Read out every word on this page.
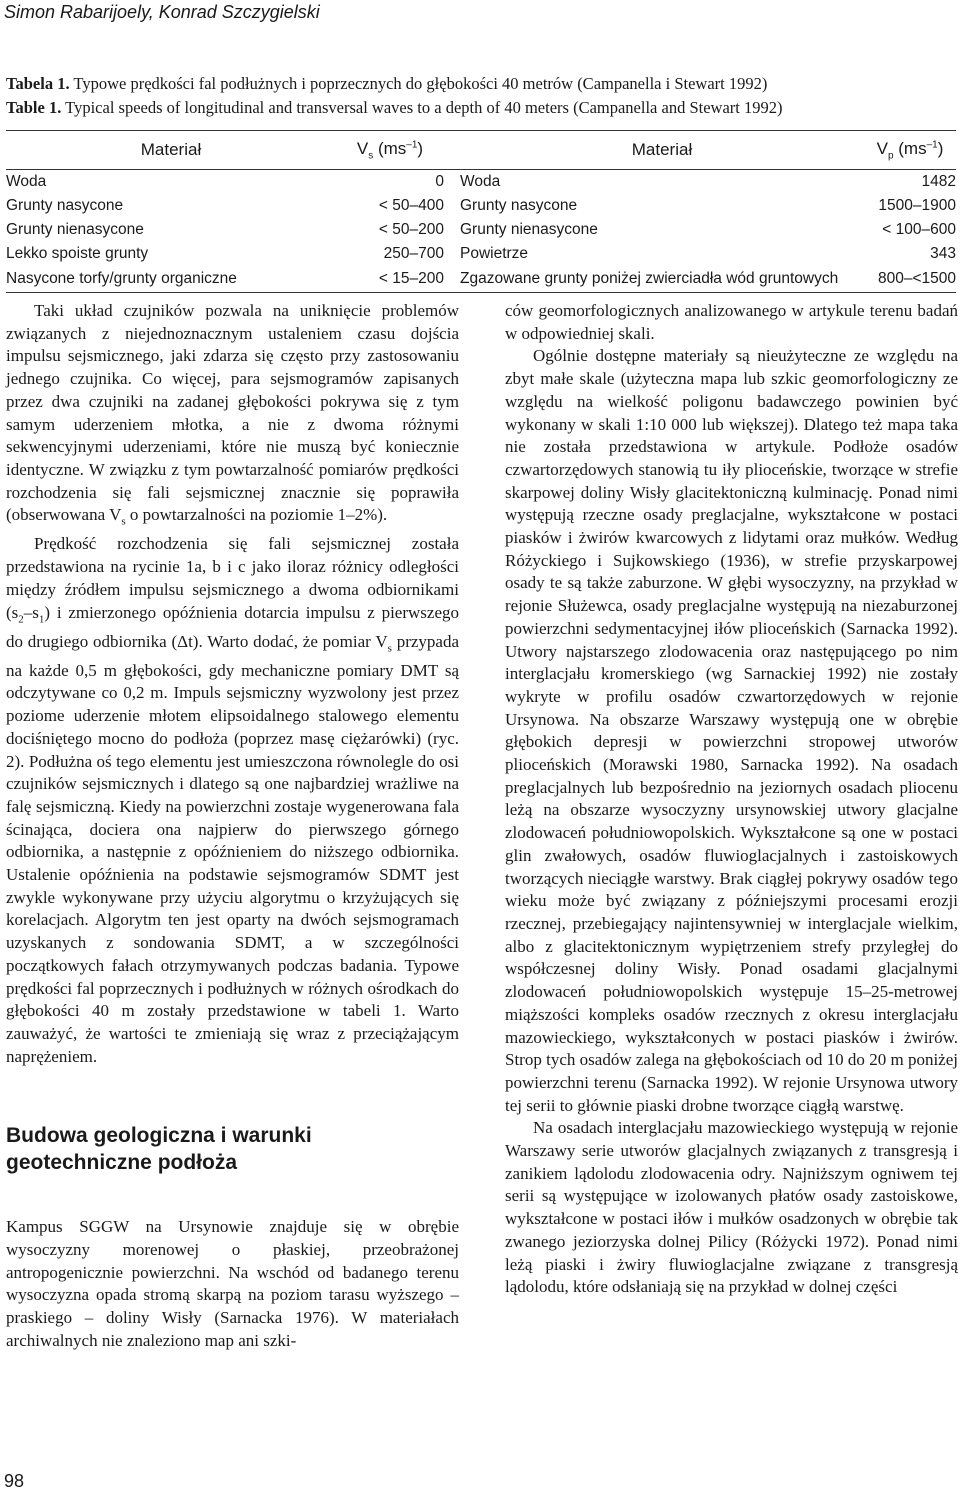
Simon Rabarijoely, Konrad Szczygielski
Tabela 1. Typowe prędkości fal podłużnych i poprzecznych do głębokości 40 metrów (Campanella i Stewart 1992)
Table 1. Typical speeds of longitudinal and transversal waves to a depth of 40 meters (Campanella and Stewart 1992)
Materiał	$V_s$ $(ms^{-1})$	Materiał	$V_p$ $(ms^{-1})$
Woda	0	Woda	1482
Grunty nasycone	< 50–400	Grunty nasycone	1500–1900
Grunty nienasycone	< 50–200	Grunty nienasycone	< 100–600
Lekko spoiste grunty	250–700	Powietrze	343
Nasycone torfy/grunty organiczne	< 15–200	Zgazowane grunty poniżej zwierciadła wód gruntowych	800–<1500

Taki układ czujników pozwala na uniknięcie problemów związanych z niejednoznacznym ustaleniem czasu dojścia impulsu sejsmicznego, jaki zdarza się często przy zastosowaniu jednego czujnika. Co więcej, para sejsmogramów zapisanych przez dwa czujniki na zadanej głębokości pokrywa się z tym samym uderzeniem młotka, a nie z dwoma różnymi sekwencyjnymi uderzeniami, które nie muszą być koniecznie identyczne. W związku z tym powtarzalność pomiarów prędkości rozchodzenia się fali sejsmicznej znacznie się poprawiła (obserwowana $V_s$ o powtarzalności na poziomie 1–2%).

Prędkość rozchodzenia się fali sejsmicznej została przedstawiona na rycinie 1a, b i c jako iloraz różnicy odległości między źródłem impulsu sejsmicznego a dwoma odbiornikami $(s_2-s_1)$ i zmierzonego opóźnienia dotarcia impulsu z pierwszego do drugiego odbiornika (Δt). Warto dodać, że pomiar $V_s$ przypada na każde 0,5 m głębokości, gdy mechaniczne pomiary DMT są odczytywane co 0,2 m. Impuls sejsmiczny wyzwolony jest przez poziome uderzenie młotem elipsoidalnego stalowego elementu dociśniętego mocno do podłoża (poprzez masę ciężarówki) (ryc. 2). Podłużna oś tego elementu jest umieszczona równolegle do osi czujników sejsmicznych i dlatego są one najbardziej wrażliwe na falę sejsmiczną. Kiedy na powierzchni zostaje wygenerowana fala ścinająca, dociera ona najpierw do pierwszego górnego odbiornika, a następnie z opóźnieniem do niższego odbiornika. Ustalenie opóźnienia na podstawie sejsmogramów SDMT jest zwykle wykonywane przy użyciu algorytmu o krzyżujących się korelacjach. Algorytm ten jest oparty na dwóch sejsmogramach uzyskanych z sondowania SDMT, a w szczególności początkowych fałach otrzymywanych podczas badania. Typowe prędkości fal poprzecznych i podłużnych w różnych ośrodkach do głębokości 40 m zostały przedstawione w tabeli 1. Warto zauważyć, że wartości te zmieniają się wraz z przeciążającym naprężeniem.

Budowa geologiczna i warunki geotechniczne podłoża

Kampus SGGW na Ursynowie znajduje się w obrębie wysoczyzny morenowej o płaskiej, przeobrażonej antropogenicznie powierzchni. Na wschód od badanego terenu wysoczyzna opada stromą skarpą na poziom tarasu wyższego – praskiego – doliny Wisły (Sarnacka 1976). W materiałach archiwalnych nie znaleziono map ani szki-

ców geomorfologicznych analizowanego w artykule terenu badań w odpowiedniej skali.

Ogólnie dostępne materiały są nieużyteczne ze względu na zbyt małe skale (użyteczna mapa lub szkic geomorfologiczny ze względu na wielkość poligonu badawczego powinien być wykonany w skali 1:10 000 lub większej). Dlatego też mapa taka nie została przedstawiona w artykule. Podłoże osadów czwartorzędowych stanowią tu iły plioceńskie, tworzące w strefie skarpowej doliny Wisły glacitektoniczną kulminację. Ponad nimi występują rzeczne osady preglacjalne, wykształcone w postaci piasków i żwirów kwarcowych z lidytami oraz mułków. Według Różyckiego i Sujkowskiego (1936), w strefie przyskarpowej osady te są także zaburzone. W głębi wysoczyzny, na przykład w rejonie Służewca, osady preglacjalne występują na niezaburzonej powierzchni sedymentacyjnej iłów plioceńskich (Sarnacka 1992). Utwory najstarszego zlodowacenia oraz następującego po nim interglacjału kromerskiego (wg Sarnackiej 1992) nie zostały wykryte w profilu osadów czwartorzędowych w rejonie Ursynowa. Na obszarze Warszawy występują one w obrębie głębokich depresji w powierzchni stropowej utworów plioceńskich (Morawski 1980, Sarnacka 1992). Na osadach preglacjalnych lub bezpośrednio na jeziornych osadach pliocenu leżą na obszarze wysoczyzny ursynowskiej utwory glacjalne zlodowaceń południowopolskich. Wykształcone są one w postaci glin zwałowych, osadów fluwioglacjalnych i zastoiskowych tworzących nieciągłe warstwy. Brak ciągłej pokrywy osadów tego wieku może być związany z późniejszymi procesami erozji rzecznej, przebiegający najintensywniej w interglacjale wielkim, albo z glacitektonicznym wypiętrzeniem strefy przyległej do współczesnej doliny Wisły. Ponad osadami glacjalnymi zlodowaceń południowopolskich występuje 15–25-metrowej miąższości kompleks osadów rzecznych z okresu interglacjału mazowieckiego, wykształconych w postaci piasków i żwirów. Strop tych osadów zalega na głębokościach od 10 do 20 m poniżej powierzchni terenu (Sarnacka 1992). W rejonie Ursynowa utwory tej serii to głównie piaski drobne tworzące ciągłą warstwę.

Na osadach interglacjału mazowieckiego występują w rejonie Warszawy serie utworów glacjalnych związanych z transgresją i zanikiem lądolodu zlodowacenia odry. Najniższym ogniwem tej serii są występujące w izolowanych płatów osady zastoiskowe, wykształcone w postaci iłów i mułków osadzonych w obrębie tak zwanego jeziorzyska dolnej Pilicy (Różycki 1972). Ponad nimi leżą piaski i żwiry fluwioglacjalne związane z transgresją lądolodu, które odsłaniają się na przykład w dolnej części

98
